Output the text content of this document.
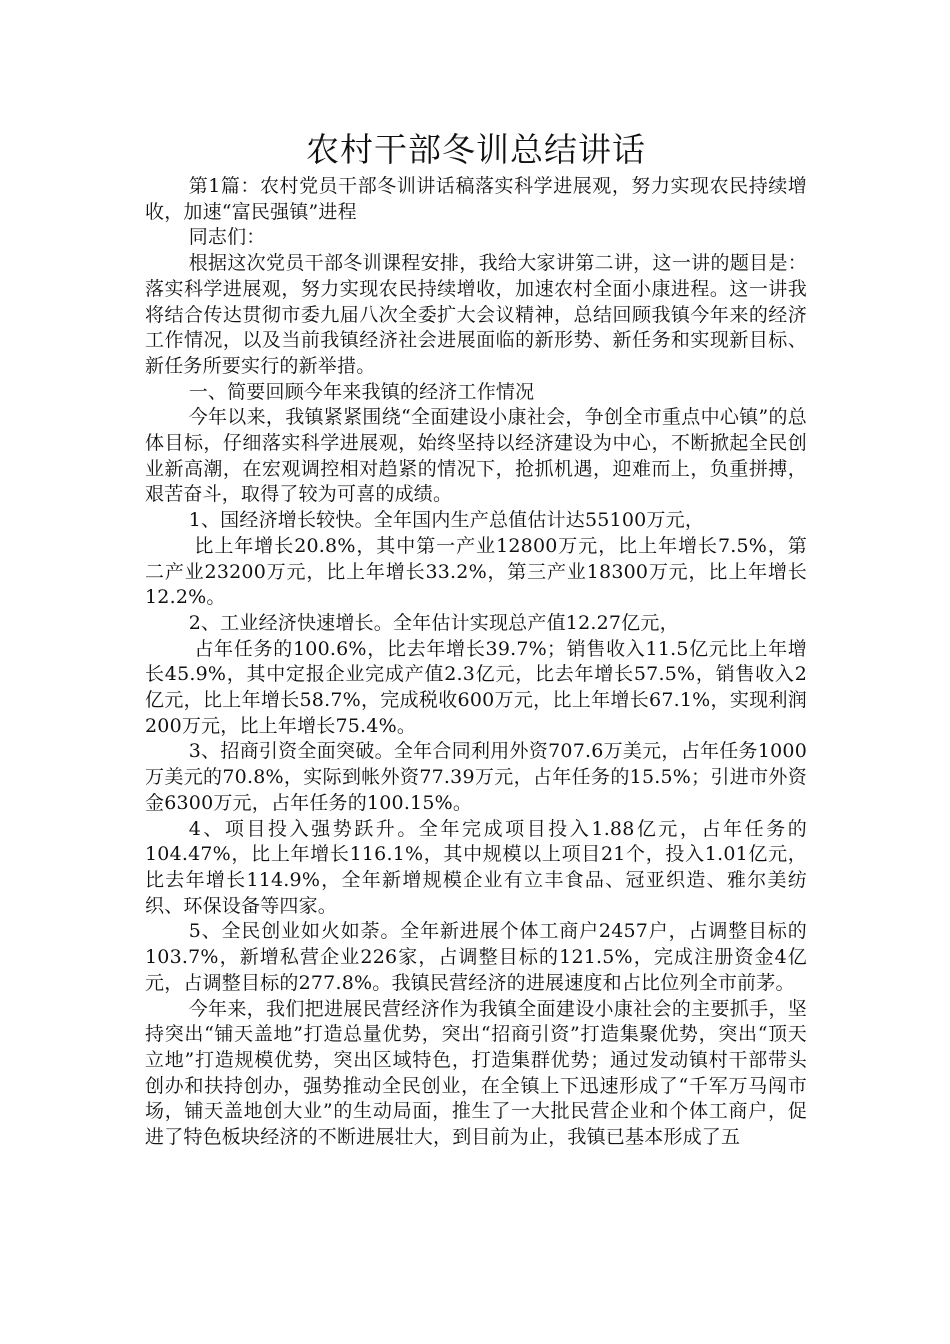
农村干部冬训总结讲话

第1篇：农村党员干部冬训讲话稿落实科学进展观，努力实现农民持续增收，加速“富民强镇”进程

同志们：

根据这次党员干部冬训课程安排，我给大家讲第二讲，这一讲的题目是：落实科学进展观，努力实现农民持续增收，加速农村全面小康进程。这一讲我将结合传达贯彻市委九届八次全委扩大会议精神，总结回顾我镇今年来的经济工作情况，以及当前我镇经济社会进展面临的新形势、新任务和实现新目标、新任务所要实行的新举措。

一、简要回顾今年来我镇的经济工作情况

今年以来，我镇紧紧围绕“全面建设小康社会，争创全市重点中心镇”的总体目标，仔细落实科学进展观，始终坚持以经济建设为中心，不断掀起全民创业新高潮，在宏观调控相对趋紧的情况下，抢抓机遇，迎难而上，负重拼搏，艰苦奋斗，取得了较为可喜的成绩。

1、国经济增长较快。全年国内生产总值估计达55100万元，

比上年增长20.8%，其中第一产业12800万元，比上年增长7.5%，第二产业23200万元，比上年增长33.2%，第三产业18300万元，比上年增长12.2%。

2、工业经济快速增长。全年估计实现总产值12.27亿元，

占年任务的100.6%，比去年增长39.7%；销售收入11.5亿元比上年增长45.9%，其中定报企业完成产值2.3亿元，比去年增长57.5%，销售收入2亿元，比上年增长58.7%，完成税收600万元，比上年增长67.1%，实现利润200万元，比上年增长75.4%。

3、招商引资全面突破。全年合同利用外资707.6万美元，占年任务1000万美元的70.8%，实际到帐外资77.39万元，占年任务的15.5%；引进市外资金6300万元，占年任务的100.15%。

4、项目投入强势跃升。全年完成项目投入1.88亿元，占年任务的104.47%，比上年增长116.1%，其中规模以上项目21个，投入1.01亿元，比去年增长114.9%，全年新增规模企业有立丰食品、冠亚织造、雅尔美纺织、环保设备等四家。

5、全民创业如火如荼。全年新进展个体工商户2457户，占调整目标的103.7%，新增私营企业226家，占调整目标的121.5%，完成注册资金4亿元，占调整目标的277.8%。我镇民营经济的进展速度和占比位列全市前茅。

今年来，我们把进展民营经济作为我镇全面建设小康社会的主要抓手，坚持突出“铺天盖地”打造总量优势，突出“招商引资”打造集聚优势，突出“顶天立地”打造规模优势，突出区域特色，打造集群优势；通过发动镇村干部带头创办和扶持创办，强势推动全民创业，在全镇上下迅速形成了“千军万马闯市场，铺天盖地创大业”的生动局面，推生了一大批民营企业和个体工商户，促进了特色板块经济的不断进展壮大，到目前为止，我镇已基本形成了五
